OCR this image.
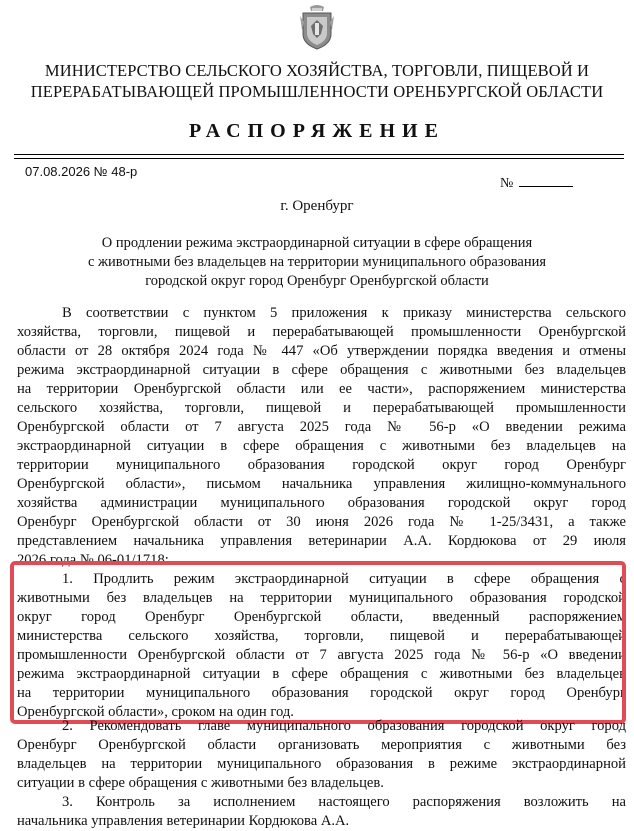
МИНИСТЕРСТВО СЕЛЬСКОГО ХОЗЯЙСТВА, ТОРГОВЛИ, ПИЩЕВОЙ И
ПЕРЕРАБАТЫВАЮЩЕЙ ПРОМЫШЛЕННОСТИ ОРЕНБУРГСКОЙ ОБЛАСТИ
РАСПОРЯЖЕНИЕ
07.08.2026 № 48-р
№
г. Оренбург
О продлении режима экстраординарной ситуации в сфере обращения
с животными без владельцев на территории муниципального образования
городской округ город Оренбург Оренбургской области
В соответствии с пунктом 5 приложения к приказу министерства сельского
хозяйства, торговли, пищевой и перерабатывающей промышленности Оренбургской
области от 28 октября 2024 года № 447 «Об утверждении порядка введения и отмены
режима экстраординарной ситуации в сфере обращения с животными без владельцев
на территории Оренбургской области или ее части», распоряжением министерства
сельского хозяйства, торговли, пищевой и перерабатывающей промышленности
Оренбургской области от 7 августа 2025 года № 56-р «О введении режима
экстраординарной ситуации в сфере обращения с животными без владельцев на
территории муниципального образования городской округ город Оренбург
Оренбургской области», письмом начальника управления жилищно-коммунального
хозяйства администрации муниципального образования городской округ город
Оренбург Оренбургской области от 30 июня 2026 года № 1-25/3431, а также
представлением начальника управления ветеринарии А.А. Кордюкова от 29 июля
2026 года № 06-01/1718:
1. Продлить режим экстраординарной ситуации в сфере обращения с
животными без владельцев на территории муниципального образования городской
округ город Оренбург Оренбургской области, введенный распоряжением
министерства сельского хозяйства, торговли, пищевой и перерабатывающей
промышленности Оренбургской области от 7 августа 2025 года № 56-р «О введении
режима экстраординарной ситуации в сфере обращения с животными без владельцев
на территории муниципального образования городской округ город Оренбург
Оренбургской области», сроком на один год.
2. Рекомендовать главе муниципального образования городской округ город
Оренбург Оренбургской области организовать мероприятия с животными без
владельцев на территории муниципального образования в режиме экстраординарной
ситуации в сфере обращения с животными без владельцев.
3. Контроль за исполнением настоящего распоряжения возложить на
начальника управления ветеринарии Кордюкова А.А.
